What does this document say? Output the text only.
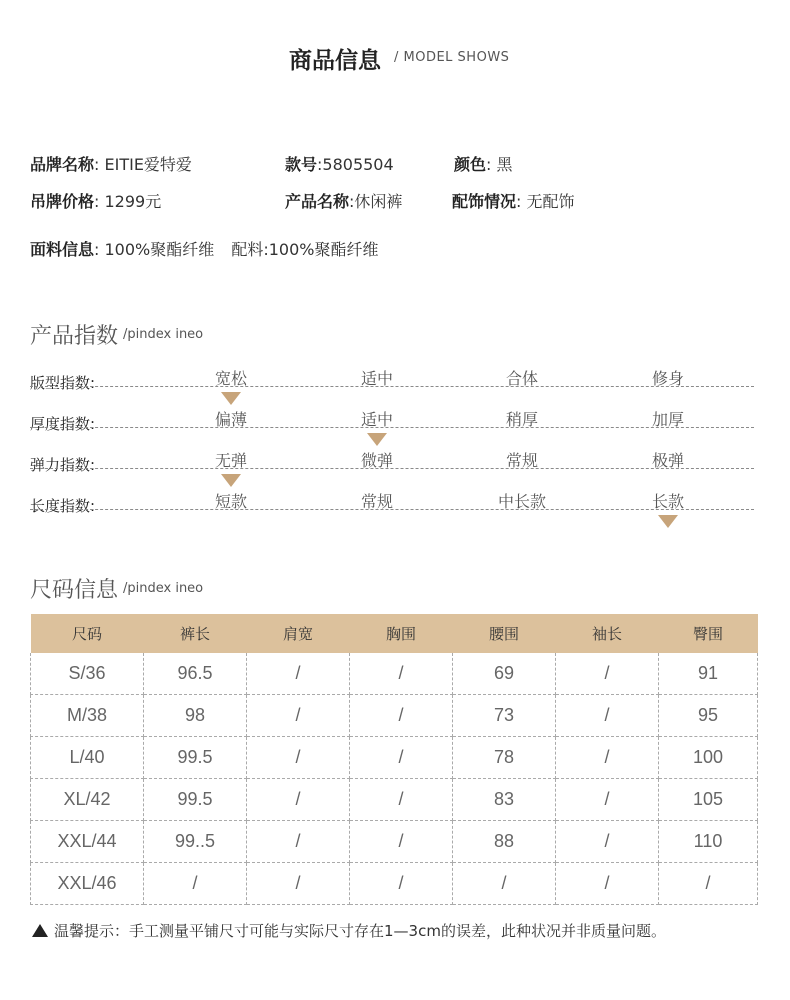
商品信息 / MODEL SHOWS
品牌名称: EITIE爱特爱	款号:5805504	颜色: 黑
吊牌价格: 1299元	产品名称:休闲裤	配饰情况: 无配饰
面料信息: 100%聚酯纤维 配料:100%聚酯纤维
产品指数 /pindex ineo
版型指数:	宽松	适中	合体	修身
厚度指数:	偏薄	适中	稍厚	加厚
弹力指数:	无弹	微弹	常规	极弹
长度指数:	短款	常规	中长款	长款
尺码信息 /pindex ineo
尺码	裤长	肩宽	胸围	腰围	袖长	臀围
S/36	96.5	/	/	69	/	91
M/38	98	/	/	73	/	95
L/40	99.5	/	/	78	/	100
XL/42	99.5	/	/	83	/	105
XXL/44	99..5	/	/	88	/	110
XXL/46	/	/	/	/	/	/
温馨提示：手工测量平铺尺寸可能与实际尺寸存在1—3cm的误差，此种状况并非质量问题。
